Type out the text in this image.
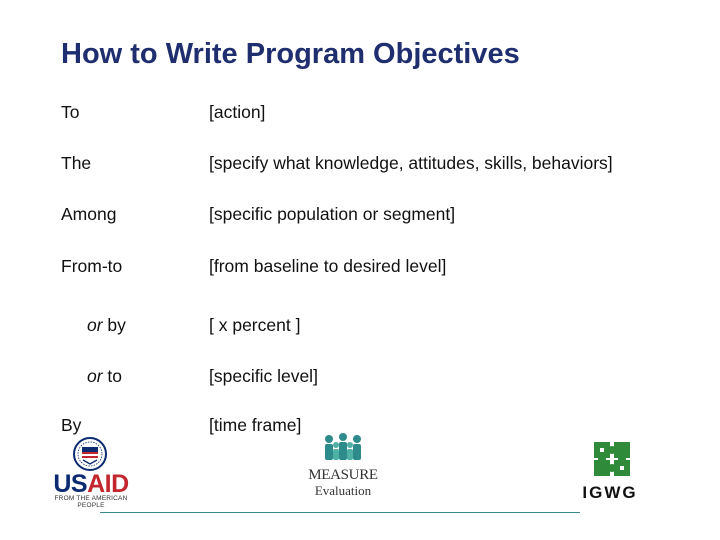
How to Write Program Objectives
To	[action]
The	[specify what knowledge, attitudes, skills, behaviors]
Among	[specific population or segment]
From-to	[from baseline to desired level]
or by	[ x percent ]
or to	[specific level]
By	[time frame]
USAID
FROM THE AMERICAN PEOPLE
MEASURE
Evaluation	IGWG
